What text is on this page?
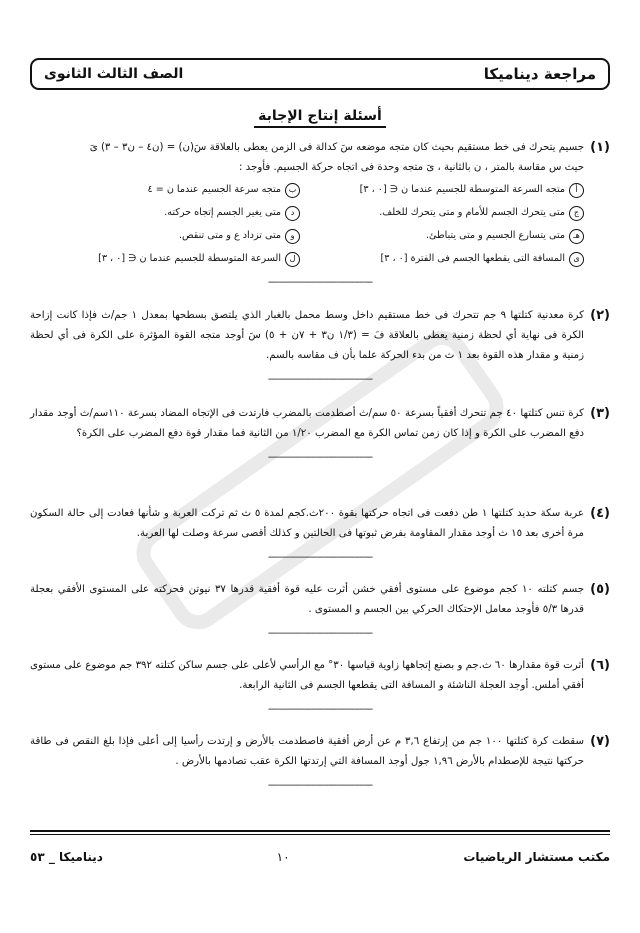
مراجعة ديناميكا
الصف الثالث الثانوى
أسئلة إنتاج الإجابة
(١)
جسيم يتحرك فى خط مستقيم بحيث كان متجه موضعه سَ كدالة فى الزمن يعطى بالعلاقة سَ(ن) = (ن٤ – ن٣ – ٣) ىَ
حيث س مقاسة بالمتر ، ن بالثانية ، ىَ متجه وحدة فى اتجاه حركة الجسيم. فأوجد :
أ
متجه السرعة المتوسطة للجسيم عندما ن ∈ [٠ ، ٣]
ب
متجه سرعة الجسيم عندما ن = ٤
ج
متى يتحرك الجسم للأمام و متى يتحرك للخلف.
د
متى يغير الجسم إتجاه حركته.
هـ
متى يتسارع الجسيم و متى يتباطئ.
و
متى تزداد ع و متى تنقص.
ى
المسافة التى يقطعها الجسم فى الفترة [٠ ، ٣]
ل
السرعة المتوسطة للجسيم عندما ن ∈ [٠ ، ٣]
----------------------------------------
(٢)
كرة معدنية كتلتها ٩ جم تتحرك فى خط مستقيم داخل وسط محمل بالغبار الذي يلتصق بسطحها بمعدل ١ جم/ث فإذا كانت إزاحة الكرة فى نهاية أي لحظة زمنية يعطى بالعلاقة فَ = (١/٣ ن٣ + ٧ن + ٥) سَ أوجد متجه القوة المؤثرة على الكرة فى أي لحظة زمنية و مقدار هذه القوة بعد ١ ث من بدء الحركة علما بأن ف مقاسه بالسم.
----------------------------------------
(٣)
كرة تنس كتلتها ٤٠ جم تتحرك أفقياً بسرعة ٥٠ سم/ث أصطدمت بالمضرب فارتدت فى الإتجاه المضاد بسرعة ١١٠سم/ث أوجد مقدار دفع المضرب على الكرة و إذا كان زمن تماس الكرة مع المضرب ١/٢٠ من الثانية فما مقدار قوة دفع المضرب على الكرة؟
----------------------------------------
(٤)
عربة سكة حديد كتلتها ١ طن دفعت فى اتجاه حركتها بقوة ٢٠٠ث.كجم لمدة ٥ ث ثم تركت العربة و شأنها فعادت إلى حالة السكون مرة أخرى بعد ١٥ ث أوجد مقدار المقاومة بفرض ثبوتها فى الحالتين و كذلك أقصى سرعة وصلت لها العربة.
----------------------------------------
(٥)
جسم كتلته ١٠ كجم موضوع على مستوى أفقي خشن أثرت عليه قوة أفقية قدرها ٣٧ نيوتن فحركته على المستوى الأفقي بعجلة قدرها ٥/٣ فأوجد معامل الإحتكاك الحركي بين الجسم و المستوى .
----------------------------------------
(٦)
أثرت قوة مقدارها ٦٠ ث.جم و بصنع إتجاهها زاوية قياسها ٣٠° مع الرأسي لأعلى على جسم ساكن كتلته ٣٩٢ جم موضوع على مستوى أفقي أملس. أوجد العجلة الناشئة و المسافة التى يقطعها الجسم فى الثانية الرابعة.
----------------------------------------
(٧)
سقطت كرة كتلتها ١٠٠ جم من إرتفاع ٣,٦ م عن أرض أفقية فاصطدمت بالأرض و إرتدت رأسيا إلى أعلى فإذا بلغ النقص فى طاقة حركتها نتيجة للإصطدام بالأرض ١,٩٦ جول أوجد المسافة التي إرتدتها الكرة عقب تصادمها بالأرض .
----------------------------------------
مكتب مستشار الرياضيات
١٠
ديناميكا _ ٥٣
